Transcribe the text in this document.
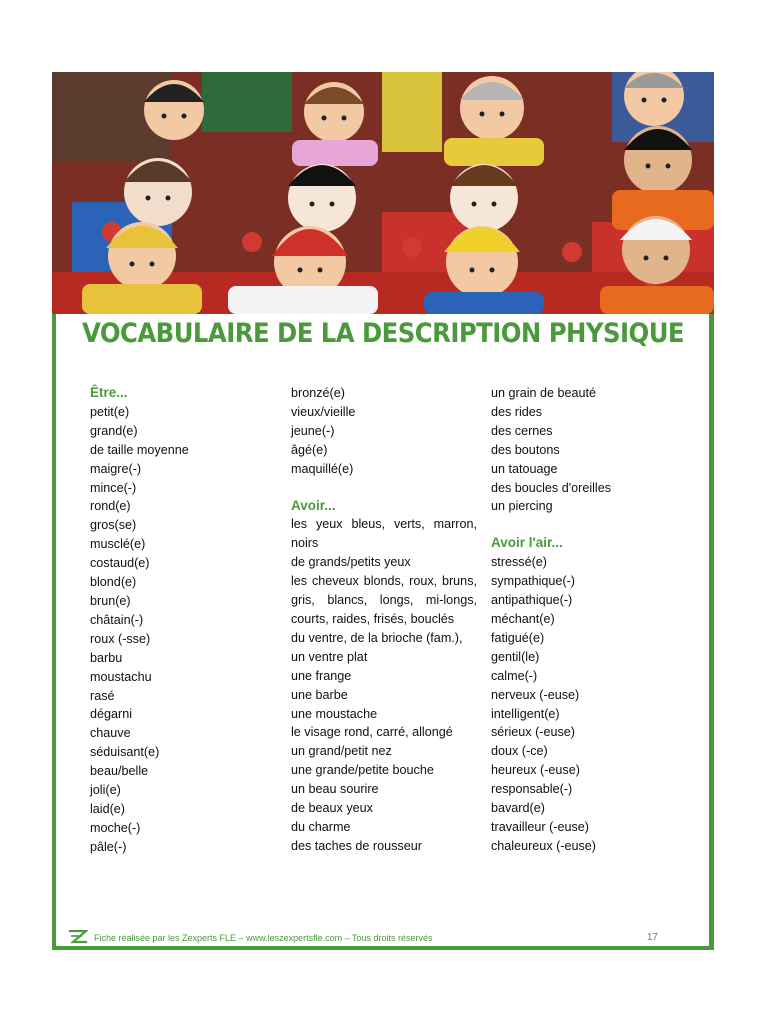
VOCABULAIRE DE LA DESCRIPTION PHYSIQUE

Être...

petit(e)

grand(e)

de taille moyenne

maigre(-)

mince(-)

rond(e)

gros(se)

musclé(e)

costaud(e)

blond(e)

brun(e)

châtain(-)

roux (-sse)

barbu

moustachu

rasé

dégarni

chauve

séduisant(e)

beau/belle

joli(e)

laid(e)

moche(-)

pâle(-)

bronzé(e)

vieux/vieille

jeune(-)

âgé(e)

maquillé(e)

Avoir...

les yeux bleus, verts, marron, noirs

de grands/petits yeux

les cheveux blonds, roux, bruns, gris, blancs, longs, mi-longs, courts, raides, frisés, bouclés

du ventre, de la brioche (fam.),

un ventre plat

une frange

une barbe

une moustache

le visage rond, carré, allongé

un grand/petit nez

une grande/petite bouche

un beau sourire

de beaux yeux

du charme

des taches de rousseur

un grain de beauté

des rides

des cernes

des boutons

un tatouage

des boucles d'oreilles

un piercing

Avoir l'air...

stressé(e)

sympathique(-)

antipathique(-)

méchant(e)

fatigué(e)

gentil(le)

calme(-)

nerveux (-euse)

intelligent(e)

sérieux (-euse)

doux (-ce)

heureux (-euse)

responsable(-)

bavard(e)

travailleur (-euse)

chaleureux (-euse)

Fiche réalisée par les Zexperts FLE – www.leszexpertsfle.com – Tous droits réservés	17
